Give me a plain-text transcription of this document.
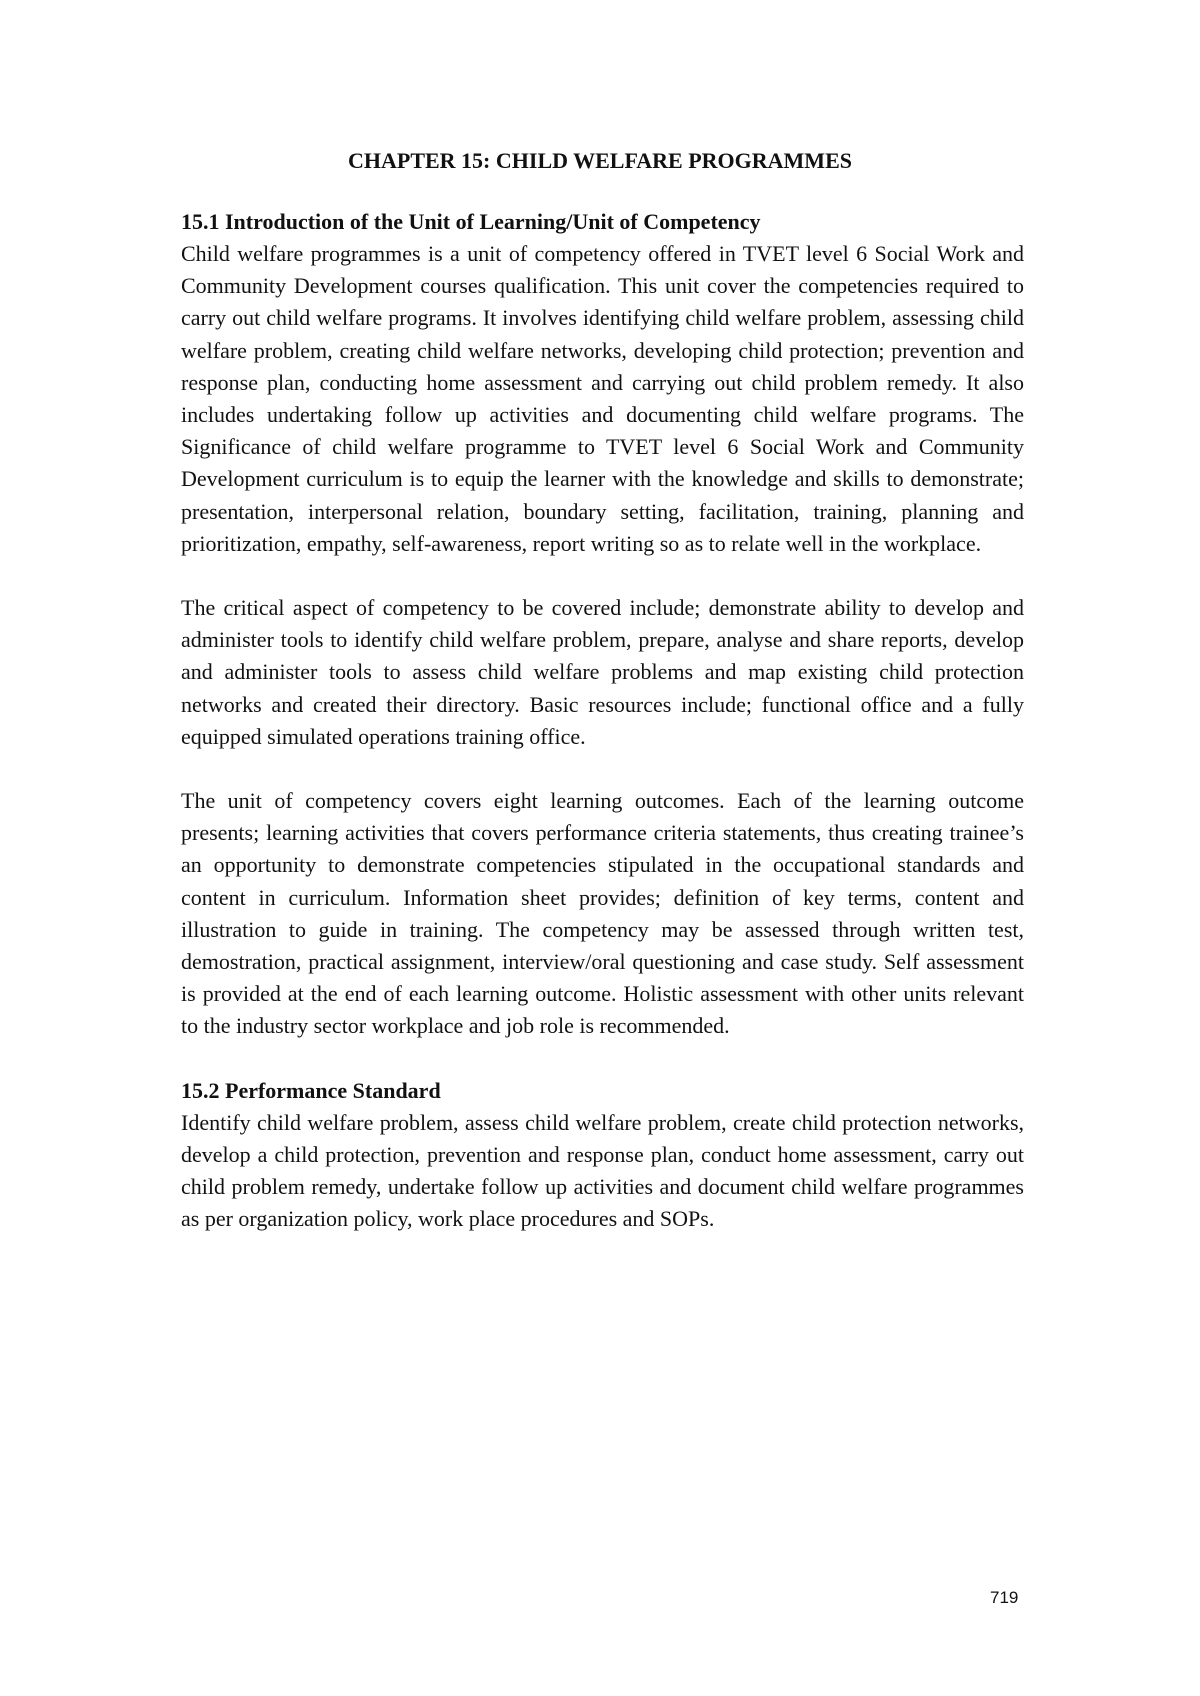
CHAPTER 15: CHILD WELFARE PROGRAMMES
15.1 Introduction of the Unit of Learning/Unit of Competency

Child welfare programmes is a unit of competency offered in TVET level 6 Social Work and Community Development courses qualification. This unit cover the competencies required to carry out child welfare programs. It involves identifying child welfare problem, assessing child welfare problem, creating child welfare networks, developing child protection; prevention and response plan, conducting home assessment and carrying out child problem remedy. It also includes undertaking follow up activities and documenting child welfare programs. The Significance of child welfare programme to TVET level 6 Social Work and Community Development curriculum is to equip the learner with the knowledge and skills to demonstrate; presentation, interpersonal relation, boundary setting, facilitation, training, planning and prioritization, empathy, self-awareness, report writing so as to relate well in the workplace.

The critical aspect of competency to be covered include; demonstrate ability to develop and administer tools to identify child welfare problem, prepare, analyse and share reports, develop and administer tools to assess child welfare problems and map existing child protection networks and created their directory. Basic resources include; functional office and a fully equipped simulated operations training office.

The unit of competency covers eight learning outcomes. Each of the learning outcome presents; learning activities that covers performance criteria statements, thus creating trainee’s an opportunity to demonstrate competencies stipulated in the occupational standards and content in curriculum. Information sheet provides; definition of key terms, content and illustration to guide in training. The competency may be assessed through written test, demostration, practical assignment, interview/oral questioning and case study. Self assessment is provided at the end of each learning outcome. Holistic assessment with other units relevant to the industry sector workplace and job role is recommended.

15.2 Performance Standard

Identify child welfare problem, assess child welfare problem, create child protection networks, develop a child protection, prevention and response plan, conduct home assessment, carry out child problem remedy, undertake follow up activities and document child welfare programmes as per organization policy, work place procedures and SOPs.

719
